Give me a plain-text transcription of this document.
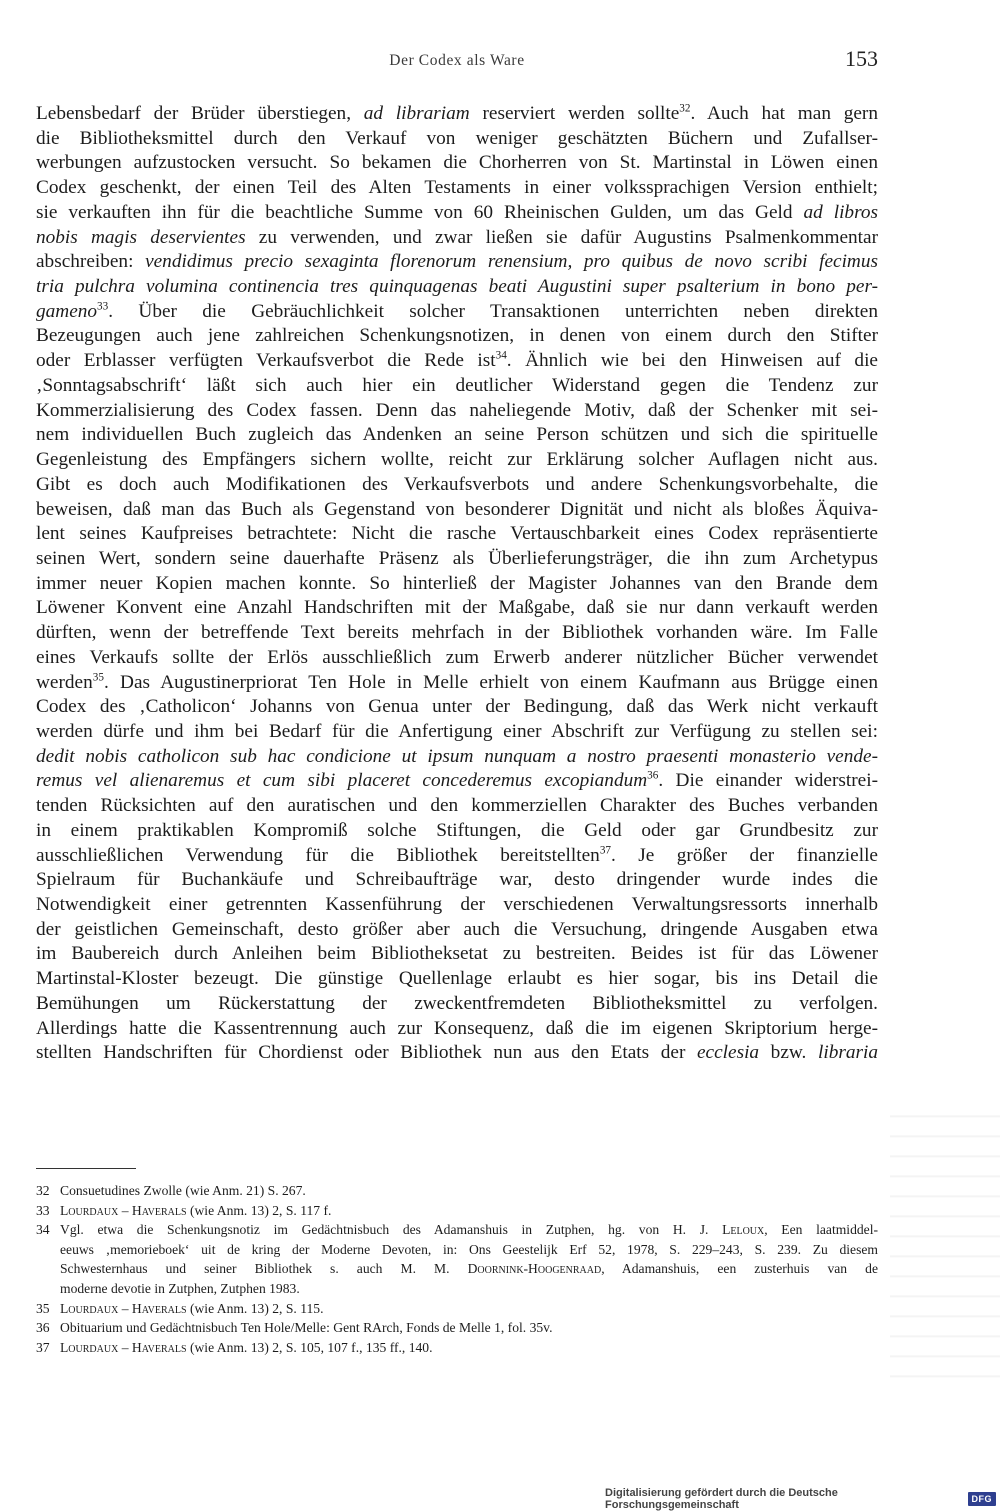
Der Codex als Ware	153
Lebensbedarf der Brüder überstiegen, ad librariam reserviert werden sollte$^{32}$. Auch hat man gern
die Bibliotheksmittel durch den Verkauf von weniger geschätzten Büchern und Zufallser-
werbungen aufzustocken versucht. So bekamen die Chorherren von St. Martinstal in Löwen einen
Codex geschenkt, der einen Teil des Alten Testaments in einer volkssprachigen Version enthielt;
sie verkauften ihn für die beachtliche Summe von 60 Rheinischen Gulden, um das Geld ad libros
nobis magis deservientes zu verwenden, und zwar ließen sie dafür Augustins Psalmenkommentar
abschreiben: vendidimus precio sexaginta florenorum renensium, pro quibus de novo scribi fecimus
tria pulchra volumina continencia tres quinquagenas beati Augustini super psalterium in bono per-
gameno$^{33}$. Über die Gebräuchlichkeit solcher Transaktionen unterrichten neben direkten
Bezeugungen auch jene zahlreichen Schenkungsnotizen, in denen von einem durch den Stifter
oder Erblasser verfügten Verkaufsverbot die Rede ist$^{34}$. Ähnlich wie bei den Hinweisen auf die
‚Sonntagsabschrift‘ läßt sich auch hier ein deutlicher Widerstand gegen die Tendenz zur
Kommerzialisierung des Codex fassen. Denn das naheliegende Motiv, daß der Schenker mit sei-
nem individuellen Buch zugleich das Andenken an seine Person schützen und sich die spirituelle
Gegenleistung des Empfängers sichern wollte, reicht zur Erklärung solcher Auflagen nicht aus.
Gibt es doch auch Modifikationen des Verkaufsverbots und andere Schenkungsvorbehalte, die
beweisen, daß man das Buch als Gegenstand von besonderer Dignität und nicht als bloßes Äquiva-
lent seines Kaufpreises betrachtete: Nicht die rasche Vertauschbarkeit eines Codex repräsentierte
seinen Wert, sondern seine dauerhafte Präsenz als Überlieferungsträger, die ihn zum Archetypus
immer neuer Kopien machen konnte. So hinterließ der Magister Johannes van den Brande dem
Löwener Konvent eine Anzahl Handschriften mit der Maßgabe, daß sie nur dann verkauft werden
dürften, wenn der betreffende Text bereits mehrfach in der Bibliothek vorhanden wäre. Im Falle
eines Verkaufs sollte der Erlös ausschließlich zum Erwerb anderer nützlicher Bücher verwendet
werden$^{35}$. Das Augustinerpriorat Ten Hole in Melle erhielt von einem Kaufmann aus Brügge einen
Codex des ‚Catholicon‘ Johanns von Genua unter der Bedingung, daß das Werk nicht verkauft
werden dürfe und ihm bei Bedarf für die Anfertigung einer Abschrift zur Verfügung zu stellen sei:
dedit nobis catholicon sub hac condicione ut ipsum nunquam a nostro praesenti monasterio vende-
remus vel alienaremus et cum sibi placeret concederemus excopiandum$^{36}$. Die einander widerstrei-
tenden Rücksichten auf den auratischen und den kommerziellen Charakter des Buches verbanden
in einem praktikablen Kompromiß solche Stiftungen, die Geld oder gar Grundbesitz zur
ausschließlichen Verwendung für die Bibliothek bereitstellten$^{37}$. Je größer der finanzielle
Spielraum für Buchankäufe und Schreibaufträge war, desto dringender wurde indes die
Notwendigkeit einer getrennten Kassenführung der verschiedenen Verwaltungsressorts innerhalb
der geistlichen Gemeinschaft, desto größer aber auch die Versuchung, dringende Ausgaben etwa
im Baubereich durch Anleihen beim Bibliotheksetat zu bestreiten. Beides ist für das Löwener
Martinstal-Kloster bezeugt. Die günstige Quellenlage erlaubt es hier sogar, bis ins Detail die
Bemühungen um Rückerstattung der zweckentfremdeten Bibliotheksmittel zu verfolgen.
Allerdings hatte die Kassentrennung auch zur Konsequenz, daß die im eigenen Skriptorium herge-
stellten Handschriften für Chordienst oder Bibliothek nun aus den Etats der ecclesia bzw. libraria
32 Consuetudines Zwolle (wie Anm. 21) S. 267.
33 Lourdaux – Haverals (wie Anm. 13) 2, S. 117 f.
34 Vgl. etwa die Schenkungsnotiz im Gedächtnisbuch des Adamanshuis in Zutphen, hg. von H. J. Leloux, Een laatmiddel-
eeuws ‚memorieboek‘ uit de kring der Moderne Devoten, in: Ons Geestelijk Erf 52, 1978, S. 229–243, S. 239. Zu diesem
Schwesternhaus und seiner Bibliothek s. auch M. M. Doornink-Hoogenraad, Adamanshuis, een zusterhuis van de
moderne devotie in Zutphen, Zutphen 1983.
35 Lourdaux – Haverals (wie Anm. 13) 2, S. 115.
36 Obituarium und Gedächtnisbuch Ten Hole/Melle: Gent RArch, Fonds de Melle 1, fol. 35v.
37 Lourdaux – Haverals (wie Anm. 13) 2, S. 105, 107 f., 135 ff., 140.
Digitalisierung gefördert durch die Deutsche Forschungsgemeinschaft	DFG
